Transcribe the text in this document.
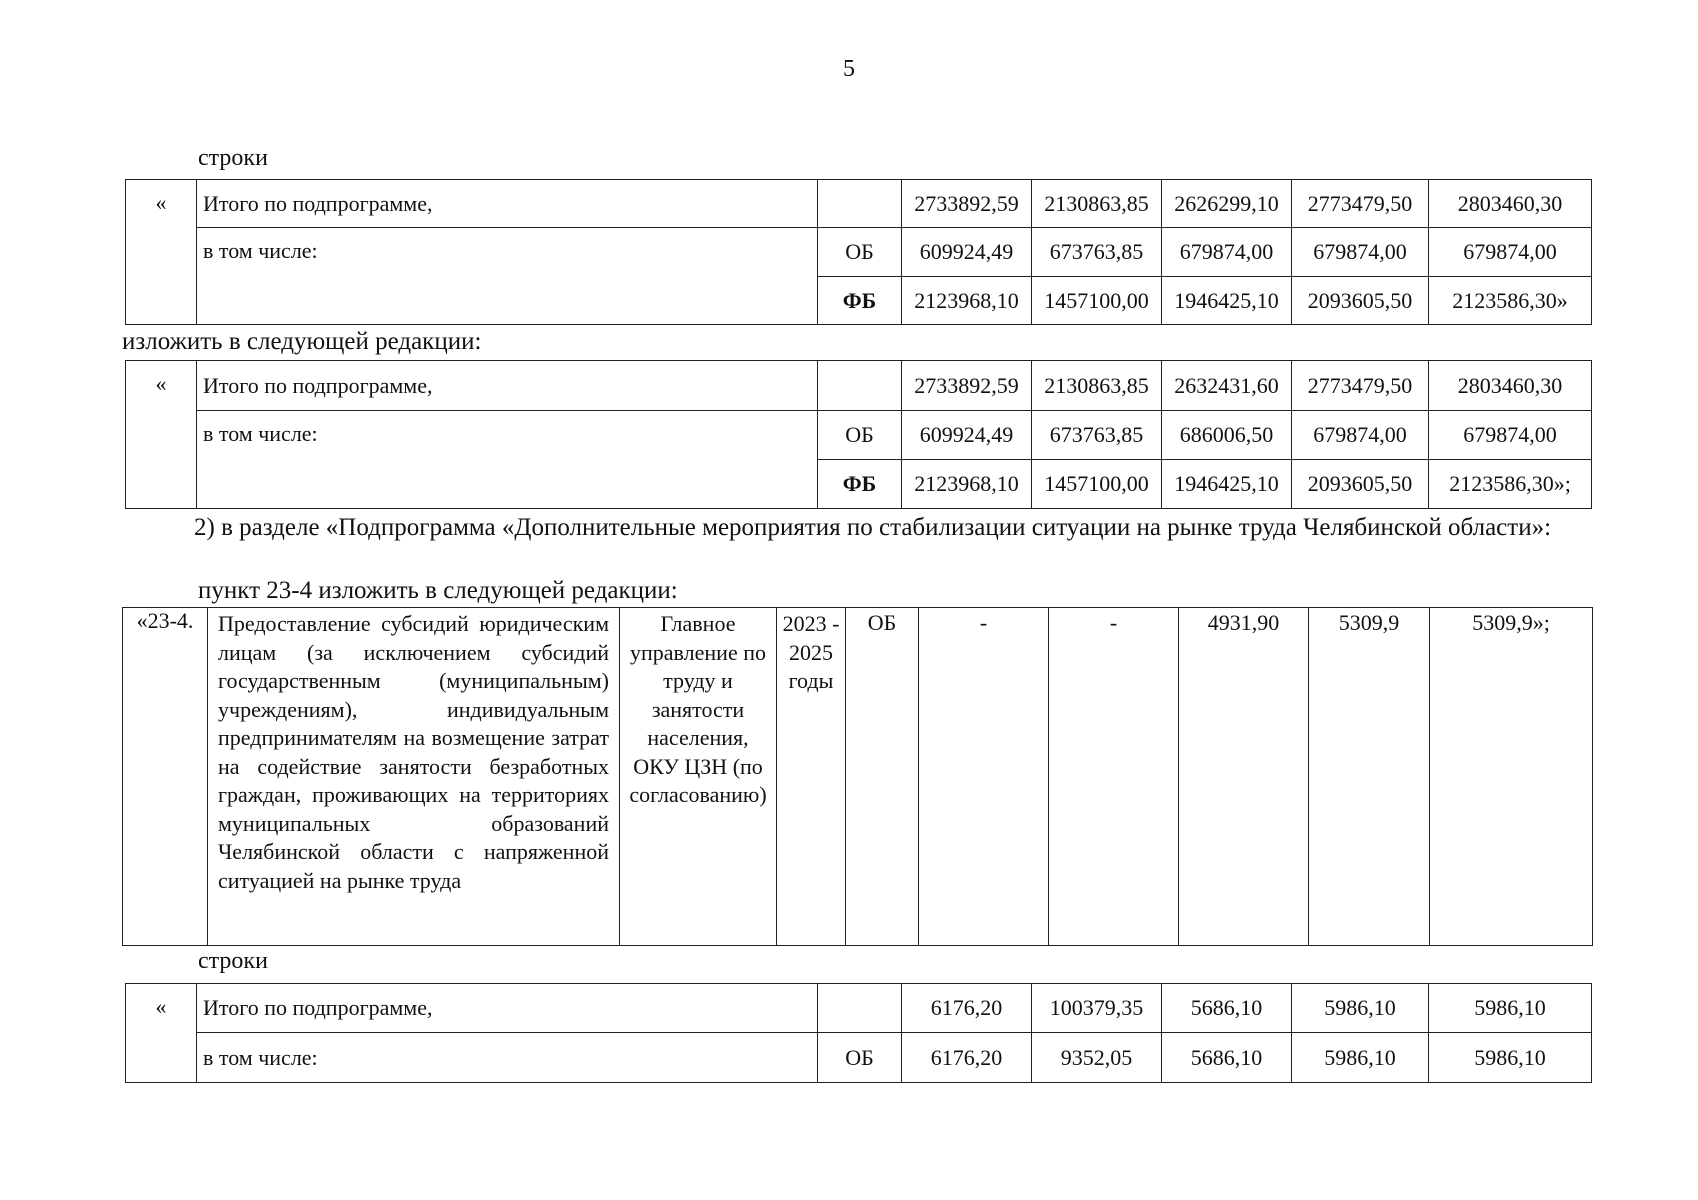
5
строки
«	Итого по подпрограмме,		2733892,59	2130863,85	2626299,10	2773479,50	2803460,30
	в том числе:	ОБ	609924,49	673763,85	679874,00	679874,00	679874,00
		ФБ	2123968,10	1457100,00	1946425,10	2093605,50	2123586,30»
изложить в следующей редакции:
«	Итого по подпрограмме,		2733892,59	2130863,85	2632431,60	2773479,50	2803460,30
	в том числе:	ОБ	609924,49	673763,85	686006,50	679874,00	679874,00
		ФБ	2123968,10	1457100,00	1946425,10	2093605,50	2123586,30»;
2) в разделе «Подпрограмма «Дополнительные мероприятия по стабилизации ситуации на рынке труда Челябинской области»:
пункт 23-4 изложить в следующей редакции:
«23-4.	Предоставление субсидий юридическим лицам (за исключением субсидий государственным (муниципальным) учреждениям), индивидуальным предпринимателям на возмещение затрат на содействие занятости безработных граждан, проживающих на территориях муниципальных образований Челябинской области с напряженной ситуацией на рынке труда	Главное управление по труду и занятости населения, ОКУ ЦЗН (по согласованию)	2023 - 2025 годы	ОБ	-	-	4931,90	5309,9	5309,9»;
строки
«	Итого по подпрограмме,		6176,20	100379,35	5686,10	5986,10	5986,10
	в том числе:	ОБ	6176,20	9352,05	5686,10	5986,10	5986,10
